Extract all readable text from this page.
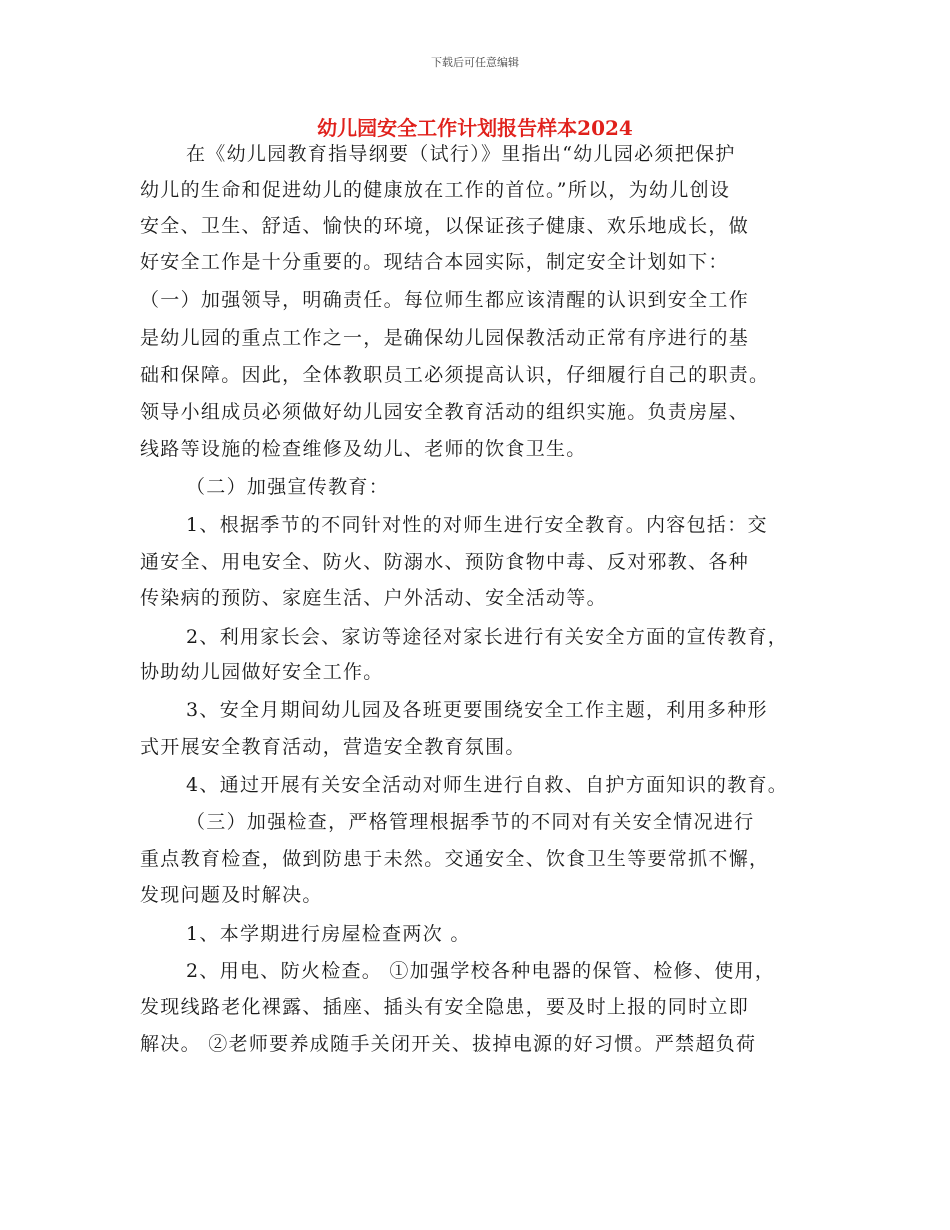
下载后可任意编辑
幼儿园安全工作计划报告样本2024
在《幼儿园教育指导纲要（试行）》里指出“幼儿园必须把保护
幼儿的生命和促进幼儿的健康放在工作的首位。”所以，为幼儿创设
安全、卫生、舒适、愉快的环境，以保证孩子健康、欢乐地成长，做
好安全工作是十分重要的。现结合本园实际，制定安全计划如下：
（一）加强领导，明确责任。每位师生都应该清醒的认识到安全工作
是幼儿园的重点工作之一，是确保幼儿园保教活动正常有序进行的基
础和保障。因此，全体教职员工必须提高认识，仔细履行自己的职责。
领导小组成员必须做好幼儿园安全教育活动的组织实施。负责房屋、
线路等设施的检查维修及幼儿、老师的饮食卫生。
（二）加强宣传教育：
1、根据季节的不同针对性的对师生进行安全教育。内容包括：交
通安全、用电安全、防火、防溺水、预防食物中毒、反对邪教、各种
传染病的预防、家庭生活、户外活动、安全活动等。
2、利用家长会、家访等途径对家长进行有关安全方面的宣传教育，
协助幼儿园做好安全工作。
3、安全月期间幼儿园及各班更要围绕安全工作主题，利用多种形
式开展安全教育活动，营造安全教育氛围。
4、通过开展有关安全活动对师生进行自救、自护方面知识的教育。
（三）加强检查，严格管理根据季节的不同对有关安全情况进行
重点教育检查，做到防患于未然。交通安全、饮食卫生等要常抓不懈，
发现问题及时解决。
1、本学期进行房屋检查两次 。
2、用电、防火检查。 ①加强学校各种电器的保管、检修、使用，
发现线路老化裸露、插座、插头有安全隐患，要及时上报的同时立即
解决。 ②老师要养成随手关闭开关、拔掉电源的好习惯。严禁超负荷
